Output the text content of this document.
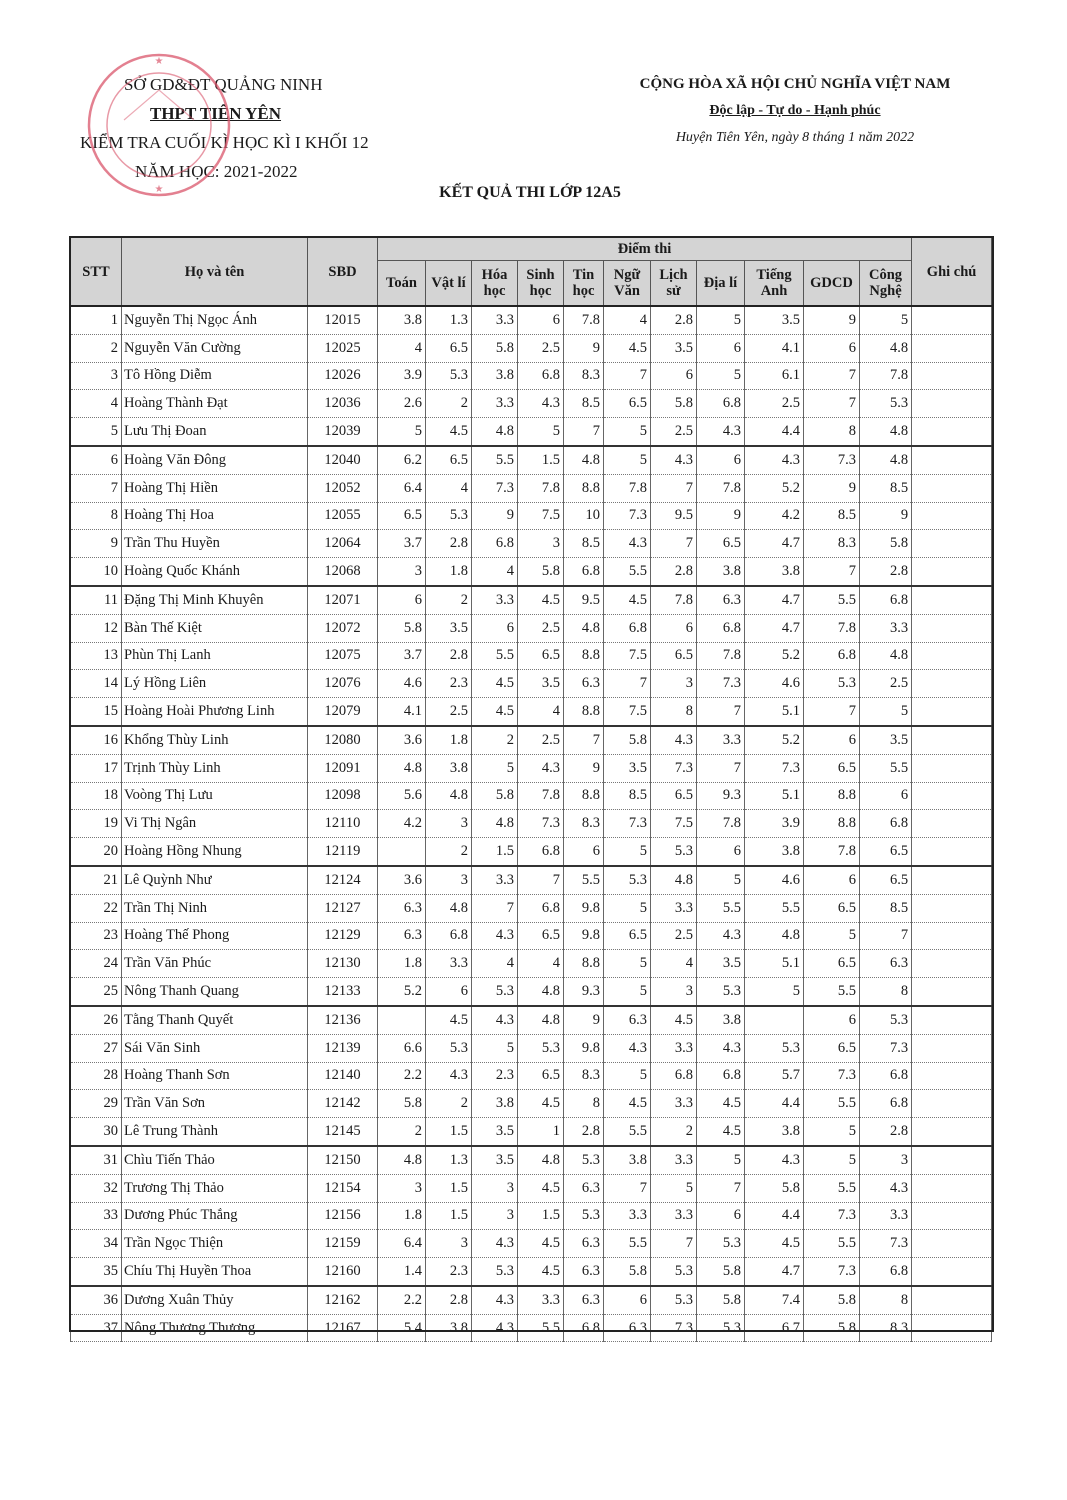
SỞ GD&ĐT QUẢNG NINH
THPT TIÊN YÊN
KIỂM TRA CUỐI KÌ HỌC KÌ I KHỐI 12
NĂM HỌC: 2021-2022
★
★
CỘNG HÒA XÃ HỘI CHỦ NGHĨA VIỆT NAM
Độc lập - Tự do - Hạnh phúc
Huyện Tiên Yên, ngày 8 tháng 1 năm 2022
KẾT QUẢ THI LỚP 12A5
STT	Họ và tên	SBD	Điểm thi											Ghi chú
			Toán	Vật lí	Hóa học	Sinh học	Tin học	Ngữ Văn	Lịch sử	Địa lí	Tiếng Anh	GDCD	Công Nghệ	
1	Nguyễn Thị Ngọc Ánh	12015	3.8	1.3	3.3	6	7.8	4	2.8	5	3.5	9	5	
2	Nguyễn Văn Cường	12025	4	6.5	5.8	2.5	9	4.5	3.5	6	4.1	6	4.8	
3	Tô Hồng Diễm	12026	3.9	5.3	3.8	6.8	8.3	7	6	5	6.1	7	7.8	
4	Hoàng Thành Đạt	12036	2.6	2	3.3	4.3	8.5	6.5	5.8	6.8	2.5	7	5.3	
5	Lưu Thị Đoan	12039	5	4.5	4.8	5	7	5	2.5	4.3	4.4	8	4.8	
6	Hoàng Văn Đông	12040	6.2	6.5	5.5	1.5	4.8	5	4.3	6	4.3	7.3	4.8	
7	Hoàng Thị Hiền	12052	6.4	4	7.3	7.8	8.8	7.8	7	7.8	5.2	9	8.5	
8	Hoàng Thị Hoa	12055	6.5	5.3	9	7.5	10	7.3	9.5	9	4.2	8.5	9	
9	Trần Thu Huyền	12064	3.7	2.8	6.8	3	8.5	4.3	7	6.5	4.7	8.3	5.8	
10	Hoàng Quốc Khánh	12068	3	1.8	4	5.8	6.8	5.5	2.8	3.8	3.8	7	2.8	
11	Đặng Thị Minh Khuyên	12071	6	2	3.3	4.5	9.5	4.5	7.8	6.3	4.7	5.5	6.8	
12	Bàn Thế Kiệt	12072	5.8	3.5	6	2.5	4.8	6.8	6	6.8	4.7	7.8	3.3	
13	Phùn Thị Lanh	12075	3.7	2.8	5.5	6.5	8.8	7.5	6.5	7.8	5.2	6.8	4.8	
14	Lý Hồng Liên	12076	4.6	2.3	4.5	3.5	6.3	7	3	7.3	4.6	5.3	2.5	
15	Hoàng Hoài Phương Linh	12079	4.1	2.5	4.5	4	8.8	7.5	8	7	5.1	7	5	
16	Khổng Thùy Linh	12080	3.6	1.8	2	2.5	7	5.8	4.3	3.3	5.2	6	3.5	
17	Trịnh Thùy Linh	12091	4.8	3.8	5	4.3	9	3.5	7.3	7	7.3	6.5	5.5	
18	Voòng Thị Lưu	12098	5.6	4.8	5.8	7.8	8.8	8.5	6.5	9.3	5.1	8.8	6	
19	Vi Thị Ngân	12110	4.2	3	4.8	7.3	8.3	7.3	7.5	7.8	3.9	8.8	6.8	
20	Hoàng Hồng Nhung	12119		2	1.5	6.8	6	5	5.3	6	3.8	7.8	6.5	
21	Lê Quỳnh Như	12124	3.6	3	3.3	7	5.5	5.3	4.8	5	4.6	6	6.5	
22	Trần Thị Ninh	12127	6.3	4.8	7	6.8	9.8	5	3.3	5.5	5.5	6.5	8.5	
23	Hoàng Thế Phong	12129	6.3	6.8	4.3	6.5	9.8	6.5	2.5	4.3	4.8	5	7	
24	Trần Văn Phúc	12130	1.8	3.3	4	4	8.8	5	4	3.5	5.1	6.5	6.3	
25	Nông Thanh Quang	12133	5.2	6	5.3	4.8	9.3	5	3	5.3	5	5.5	8	
26	Tằng Thanh Quyết	12136		4.5	4.3	4.8	9	6.3	4.5	3.8		6	5.3	
27	Sái Văn Sinh	12139	6.6	5.3	5	5.3	9.8	4.3	3.3	4.3	5.3	6.5	7.3	
28	Hoàng Thanh Sơn	12140	2.2	4.3	2.3	6.5	8.3	5	6.8	6.8	5.7	7.3	6.8	
29	Trần Văn Sơn	12142	5.8	2	3.8	4.5	8	4.5	3.3	4.5	4.4	5.5	6.8	
30	Lê Trung Thành	12145	2	1.5	3.5	1	2.8	5.5	2	4.5	3.8	5	2.8	
31	Chìu Tiến Thảo	12150	4.8	1.3	3.5	4.8	5.3	3.8	3.3	5	4.3	5	3	
32	Trương Thị Thảo	12154	3	1.5	3	4.5	6.3	7	5	7	5.8	5.5	4.3	
33	Dương Phúc Thắng	12156	1.8	1.5	3	1.5	5.3	3.3	3.3	6	4.4	7.3	3.3	
34	Trần Ngọc Thiện	12159	6.4	3	4.3	4.5	6.3	5.5	7	5.3	4.5	5.5	7.3	
35	Chíu Thị Huyền Thoa	12160	1.4	2.3	5.3	4.5	6.3	5.8	5.3	5.8	4.7	7.3	6.8	
36	Dương Xuân Thủy	12162	2.2	2.8	4.3	3.3	6.3	6	5.3	5.8	7.4	5.8	8	
37	Nông Thương Thương	12167	5.4	3.8	4.3	5.5	6.8	6.3	7.3	5.3	6.7	5.8	8.3	
